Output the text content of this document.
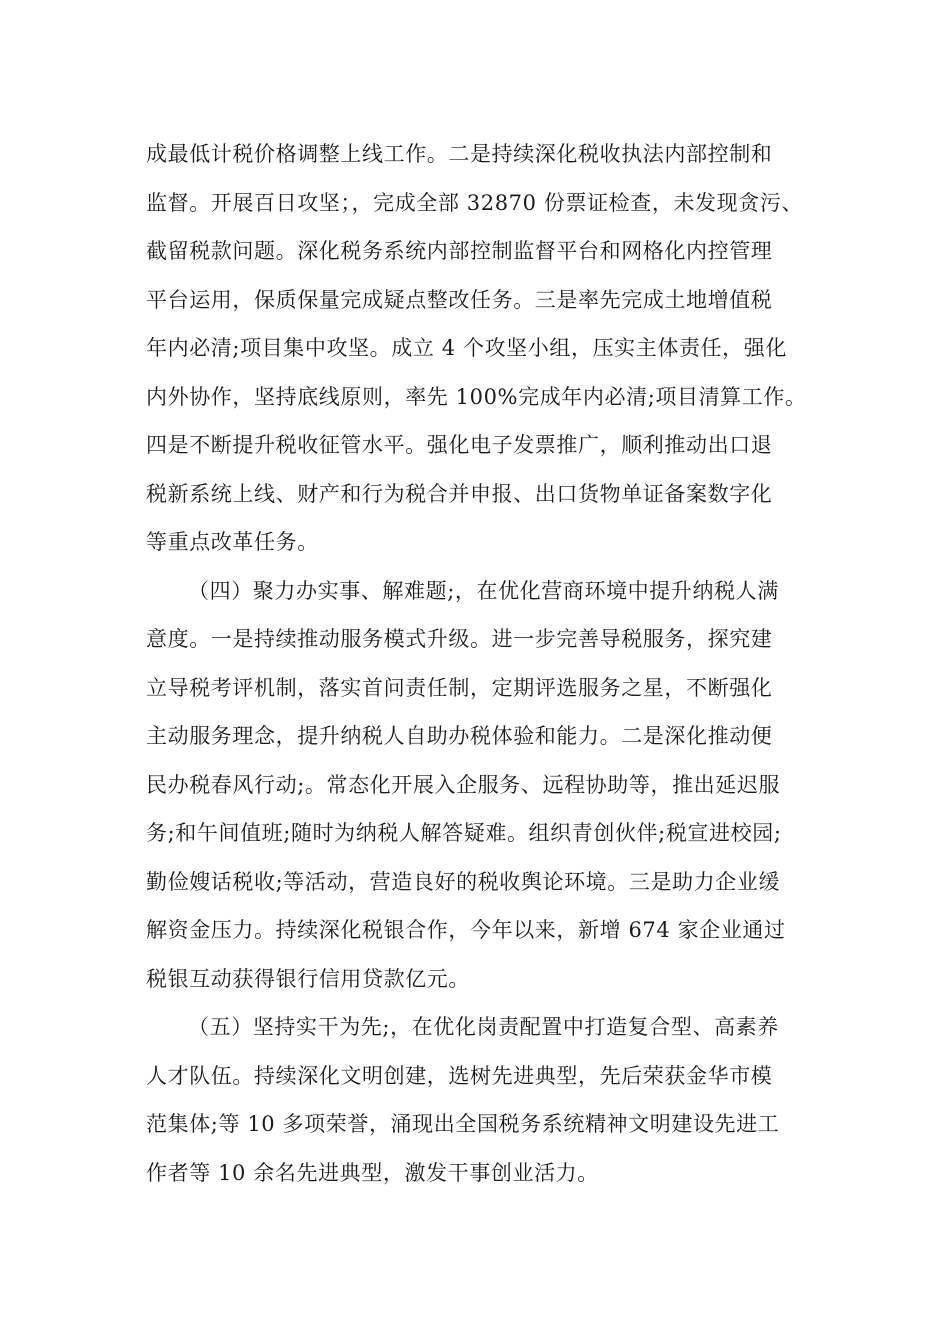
成最低计税价格调整上线工作。二是持续深化税收执法内部控制和
监督。开展百日攻坚；，完成全部 32870 份票证检查，未发现贪污、
截留税款问题。深化税务系统内部控制监督平台和网格化内控管理
平台运用，保质保量完成疑点整改任务。三是率先完成土地增值税
年内必清;项目集中攻坚。成立 4 个攻坚小组，压实主体责任，强化
内外协作，坚持底线原则，率先 100%完成年内必清;项目清算工作。
四是不断提升税收征管水平。强化电子发票推广，顺利推动出口退
税新系统上线、财产和行为税合并申报、出口货物单证备案数字化
等重点改革任务。
（四）聚力办实事、解难题;，在优化营商环境中提升纳税人满
意度。一是持续推动服务模式升级。进一步完善导税服务，探究建
立导税考评机制，落实首问责任制，定期评选服务之星，不断强化
主动服务理念，提升纳税人自助办税体验和能力。二是深化推动便
民办税春风行动;。常态化开展入企服务、远程协助等，推出延迟服
务;和午间值班;随时为纳税人解答疑难。组织青创伙伴;税宣进校园;
勤俭嫂话税收;等活动，营造良好的税收舆论环境。三是助力企业缓
解资金压力。持续深化税银合作，今年以来，新增 674 家企业通过
税银互动获得银行信用贷款亿元。
（五）坚持实干为先;，在优化岗责配置中打造复合型、高素养
人才队伍。持续深化文明创建，选树先进典型，先后荣获金华市模
范集体;等 10 多项荣誉，涌现出全国税务系统精神文明建设先进工
作者等 10 余名先进典型，激发干事创业活力。
